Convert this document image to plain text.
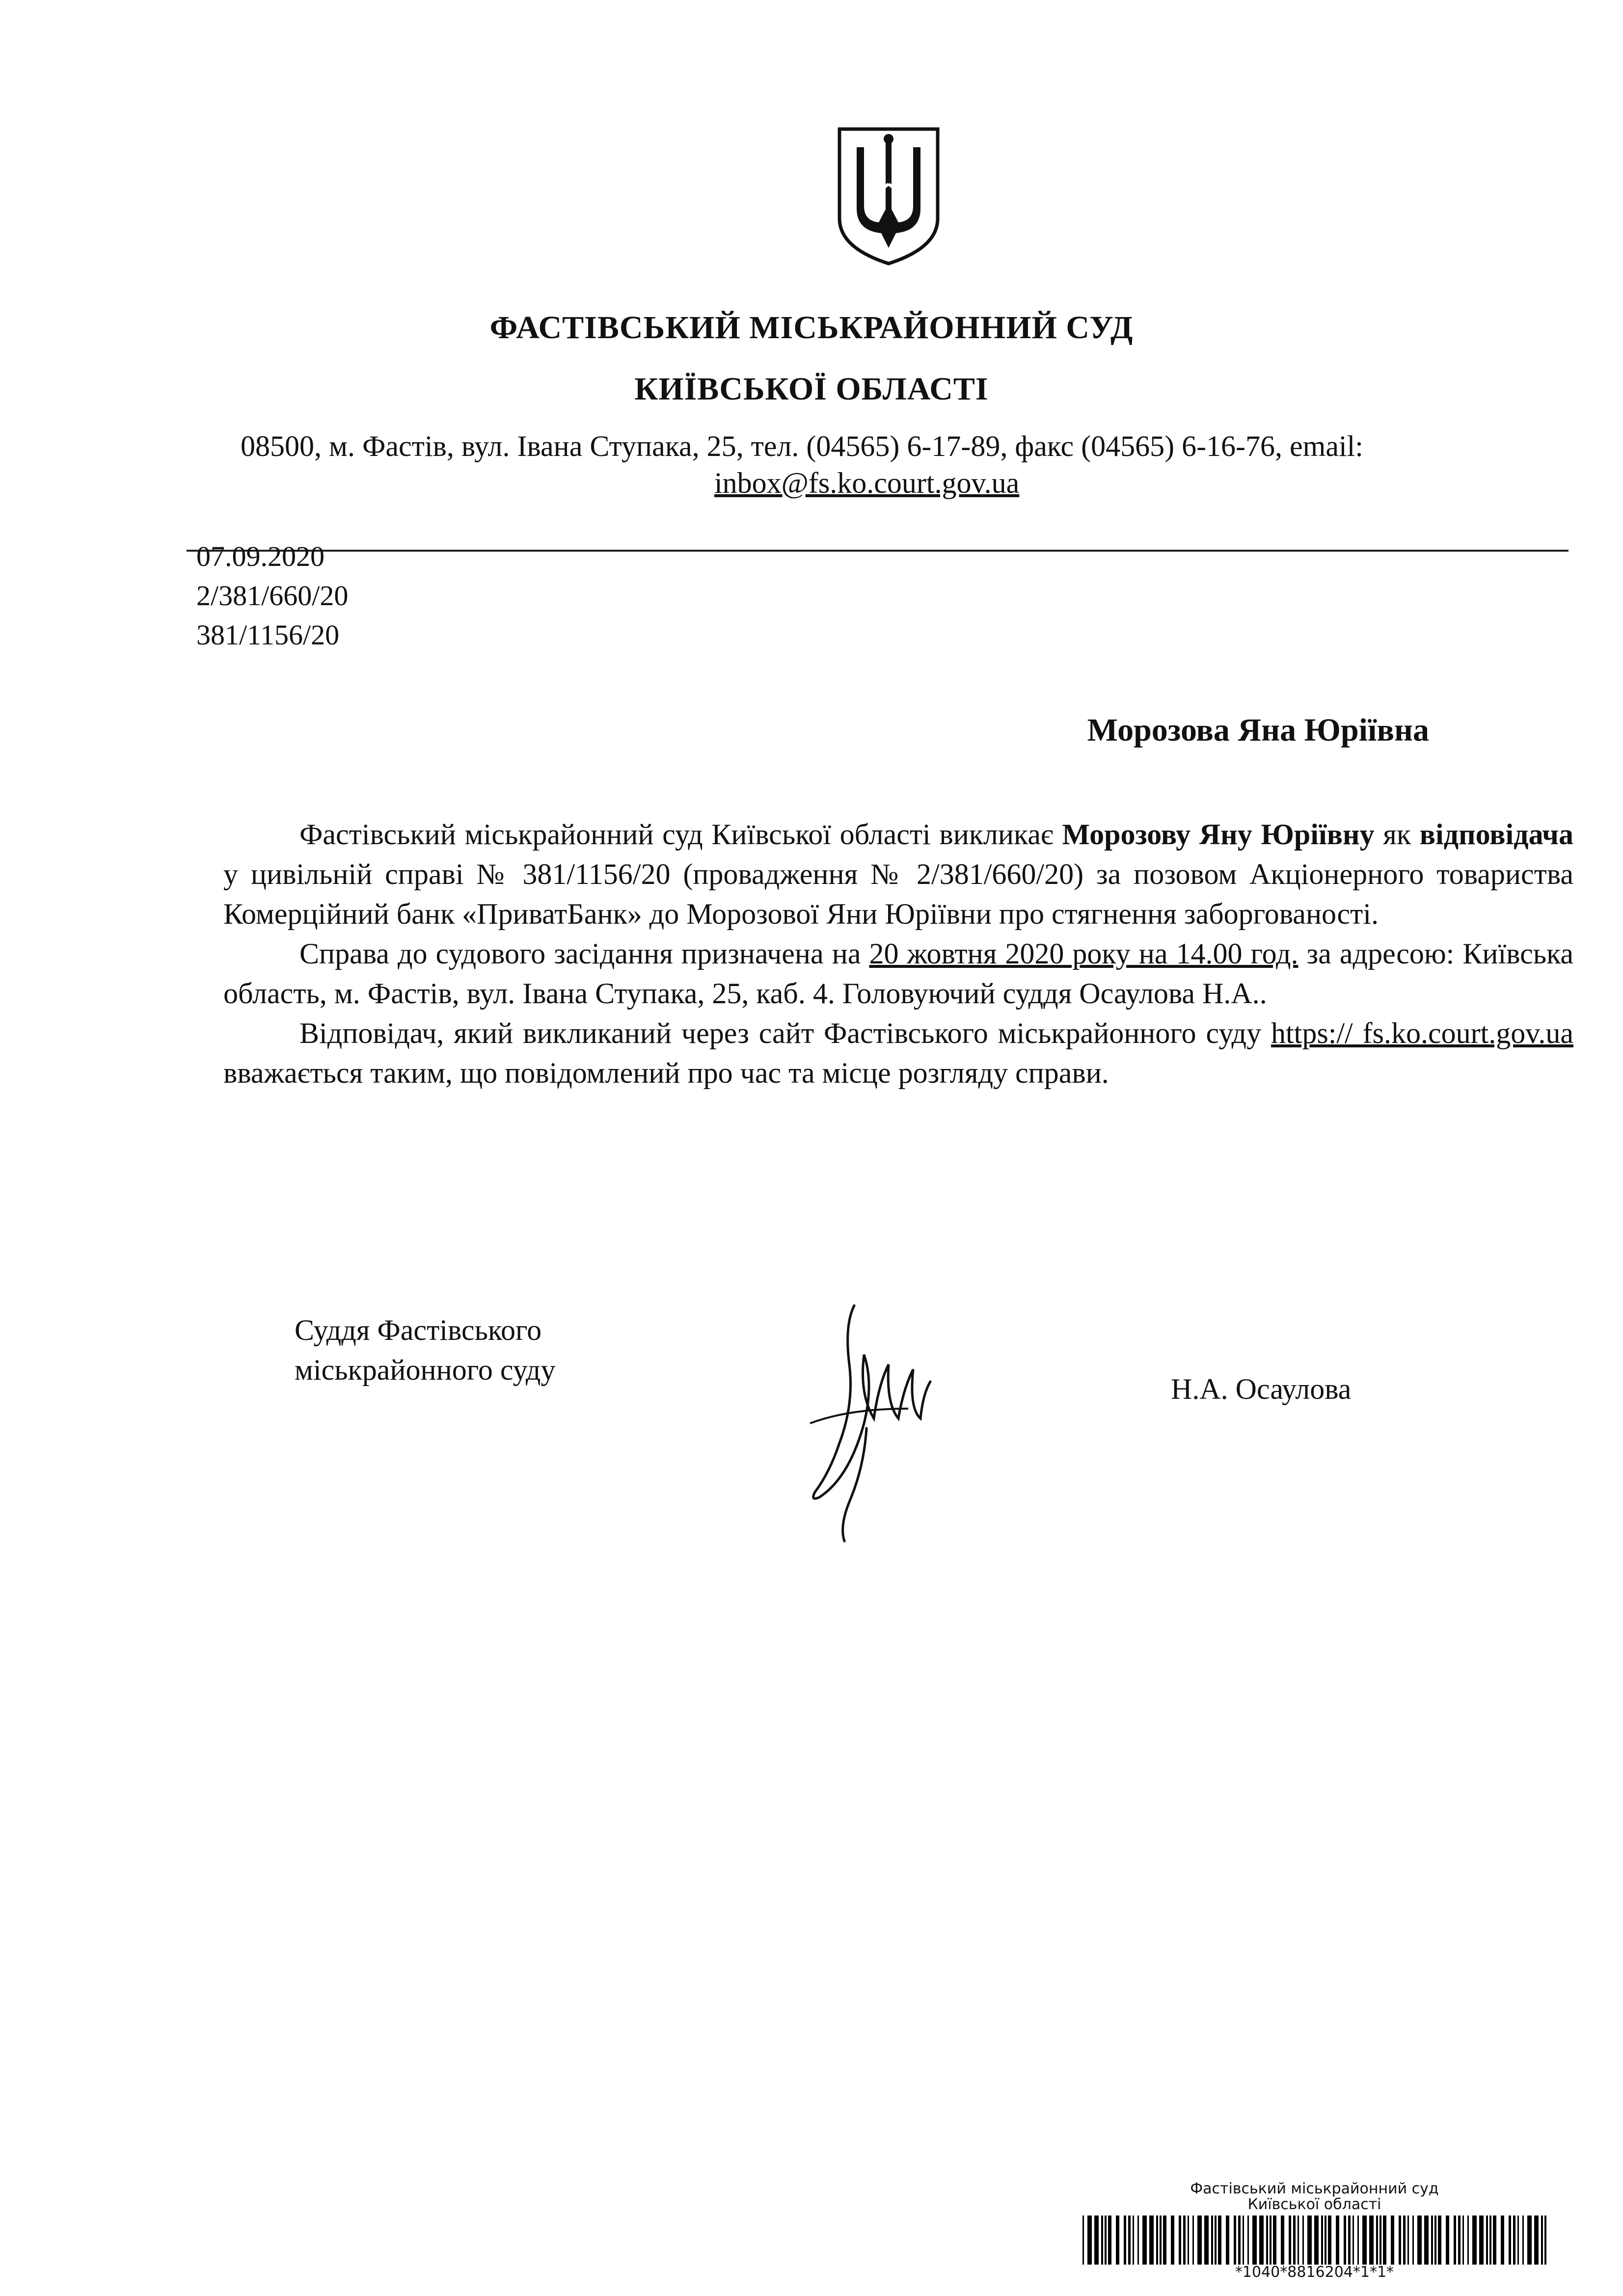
ФАСТІВСЬКИЙ МІСЬКРАЙОННИЙ СУД
КИЇВСЬКОЇ ОБЛАСТІ
08500, м. Фастів, вул. Івана Ступака, 25, тел. (04565) 6-17-89, факс (04565) 6-16-76, email:
inbox@fs.ko.court.gov.ua
07.09.2020
2/381/660/20
381/1156/20
Морозова Яна Юріївна

Фастівський міськрайонний суд Київської області викликає Морозову Яну Юріївну як відповідача у цивільній справі № 381/1156/20 (провадження № 2/381/660/20) за позовом Акціонерного товариства Комерційний банк «ПриватБанк» до Морозової Яни Юріївни про стягнення заборгованості.

Справа до судового засідання призначена на 20 жовтня 2020 року на 14.00 год. за адресою: Київська область, м. Фастів, вул. Івана Ступака, 25, каб. 4. Головуючий суддя Осаулова Н.А..

Відповідач, який викликаний через сайт Фастівського міськрайонного суду https:// fs.ko.court.gov.ua вважається таким, що повідомлений про час та місце розгляду справи.

Суддя Фастівського
міськрайонного суду
Н.А. Осаулова
Фастівський міськрайонний суд
Київської області
*1040*8816204*1*1*
